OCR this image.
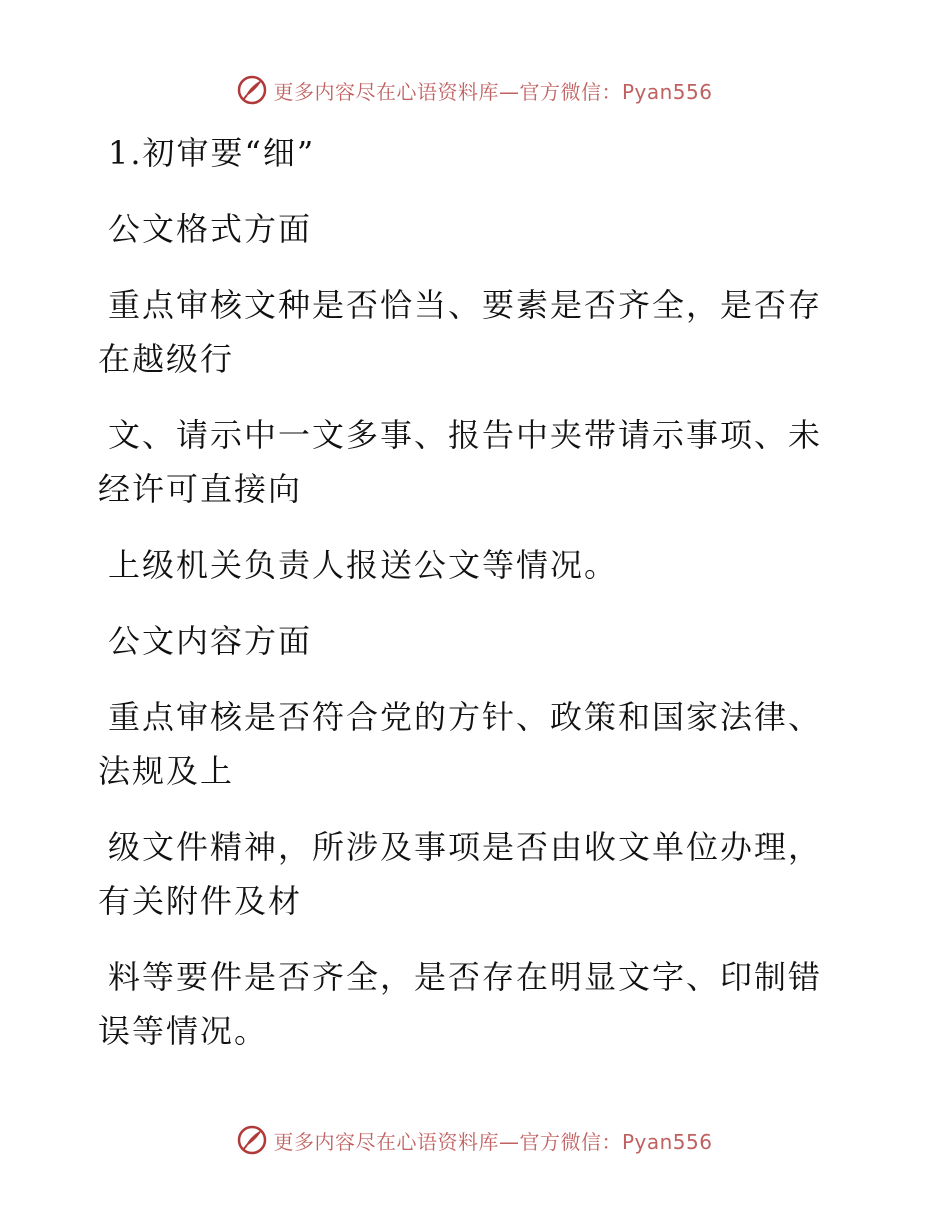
更多内容尽在心语资料库—官方微信：Pyan556

1.初审要“细”

公文格式方面

重点审核文种是否恰当、要素是否齐全，是否存在越级行

文、请示中一文多事、报告中夹带请示事项、未经许可直接向

上级机关负责人报送公文等情况。

公文内容方面

重点审核是否符合党的方针、政策和国家法律、法规及上

级文件精神，所涉及事项是否由收文单位办理，有关附件及材

料等要件是否齐全，是否存在明显文字、印制错误等情况。

更多内容尽在心语资料库—官方微信：Pyan556
